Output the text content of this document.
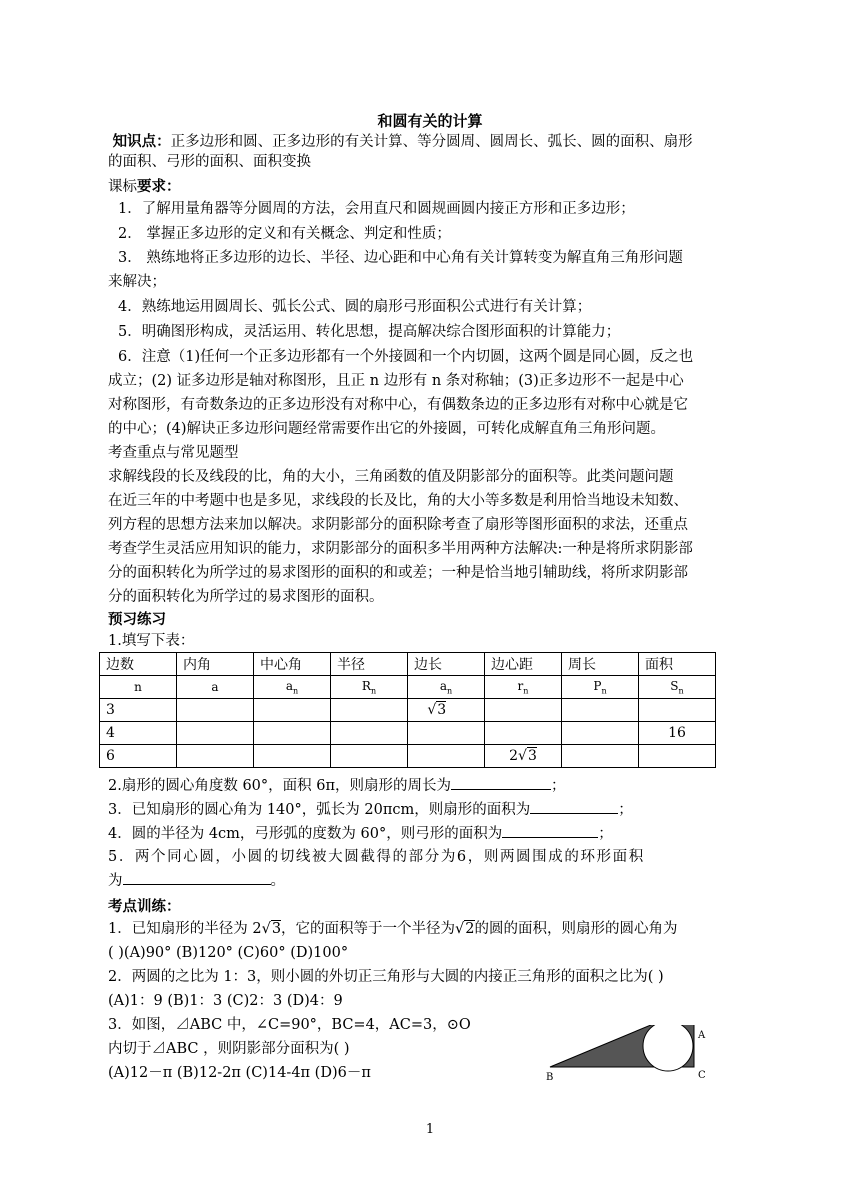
和圆有关的计算
知识点：正多边形和圆、正多边形的有关计算、等分圆周、圆周长、弧长、圆的面积、扇形
的面积、弓形的面积、面积变换
课标要求：
1．了解用量角器等分圆周的方法，会用直尺和圆规画圆内接正方形和正多边形；
2． 掌握正多边形的定义和有关概念、判定和性质；
3． 熟练地将正多边形的边长、半径、边心距和中心角有关计算转变为解直角三角形问题
来解决；
4．熟练地运用圆周长、弧长公式、圆的扇形弓形面积公式进行有关计算；
5．明确图形构成，灵活运用、转化思想，提高解决综合图形面积的计算能力；
6．注意（1)任何一个正多边形都有一个外接圆和一个内切圆，这两个圆是同心圆，反之也
成立；(2) 证多边形是轴对称图形，且正 n 边形有 n 条对称轴；(3)正多边形不一起是中心
对称图形，有奇数条边的正多边形没有对称中心，有偶数条边的正多边形有对称中心就是它
的中心；(4)解诀正多边形问题经常需要作出它的外接圆，可转化成解直角三角形问题。
考查重点与常见题型
求解线段的长及线段的比，角的大小，三角函数的值及阴影部分的面积等。此类问题问题
在近三年的中考题中也是多见，求线段的长及比，角的大小等多数是利用恰当地设未知数、
列方程的思想方法来加以解决。求阴影部分的面积除考查了扇形等图形面积的求法，还重点
考查学生灵活应用知识的能力，求阴影部分的面积多半用两种方法解决:一种是将所求阴影部
分的面积转化为所学过的易求图形的面积的和或差；一种是恰当地引辅助线，将所求阴影部
分的面积转化为所学过的易求图形的面积。
预习练习
1.填写下表：
边数	内角	中心角	半径	边长	边心距	周长	面积
n	a	$a_n$	$R_n$	$a_n$	$r_n$	$P_n$	$S_n$
3				√3			
4							16
6					2√3		
2.扇形的圆心角度数 60°，面积 6π，则扇形的周长为	；
3．已知扇形的圆心角为 140°，弧长为 20πcm，则扇形的面积为	；
4．圆的半径为 4cm，弓形弧的度数为 60°，则弓形的面积为	；
5．两个同心圆，小圆的切线被大圆截得的部分为6，则两圆围成的环形面积
为	。
考点训练：
1．已知扇形的半径为 2√3，它的面积等于一个半径为√2的圆的面积，则扇形的圆心角为
( )(A)90° (B)120° (C)60° (D)100°
2．两圆的之比为 1：3，则小圆的外切正三角形与大圆的内接正三角形的面积之比为( )
(A)1：9 (B)1：3 (C)2：3 (D)4：9
3．如图，⊿ABC 中，∠C=90°，BC=4，AC=3，⊙O
内切于⊿ABC ，则阴影部分面积为( )
(A)12－π (B)12-2π (C)14-4π (D)6－π
A
B	C
1
